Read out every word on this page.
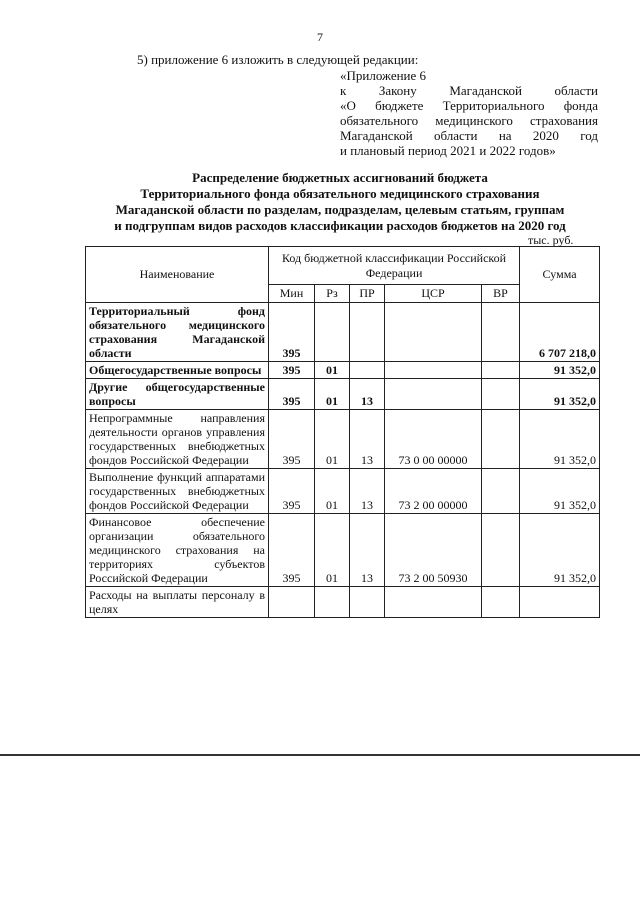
7
5) приложение 6 изложить в следующей редакции:
«Приложение 6
к Закону Магаданской области
«О бюджете Территориального фонда
обязательного медицинского страхования
Магаданской области на 2020 год
и плановый период 2021 и 2022 годов»
Распределение бюджетных ассигнований бюджета
Территориального фонда обязательного медицинского страхования
Магаданской области по разделам, подразделам, целевым статьям, группам
и подгруппам видов расходов классификации расходов бюджетов на 2020 год
тыс. руб.
Наименование	Код бюджетной классификации Российской Федерации					Сумма
	Мин	Рз	ПР	ЦСР	ВР	
Территориальный фонд обязательного медицинского страхования Магаданской области	395					6 707 218,0
Общегосударственные вопросы	395	01				91 352,0
Другие общегосударственные вопросы	395	01	13			91 352,0
Непрограммные направления деятельности органов управления государственных внебюджетных фондов Российской Федерации	395	01	13	73 0 00 00000		91 352,0
Выполнение функций аппаратами государственных внебюджетных фондов Российской Федерации	395	01	13	73 2 00 00000		91 352,0
Финансовое обеспечение организации обязательного медицинского страхования на территориях субъектов Российской Федерации	395	01	13	73 2 00 50930		91 352,0
Расходы на выплаты персоналу в целях						
